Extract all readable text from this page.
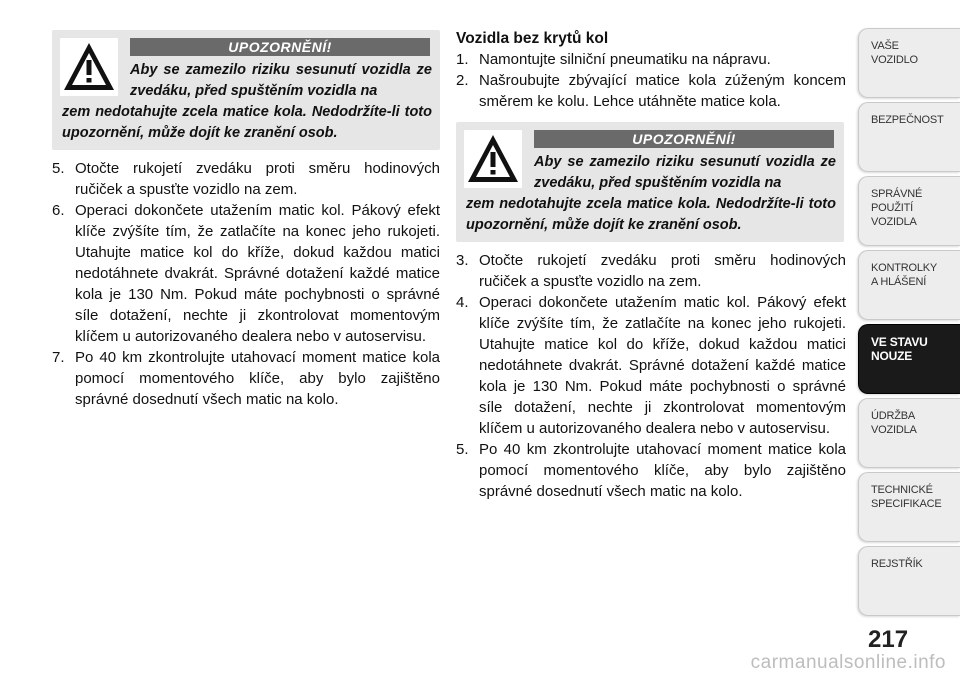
UPOZORNĚNÍ!
Aby se zamezilo riziku sesunutí vozidla ze zvedáku, před spuštěním vozidla na
zem nedotahujte zcela matice kola. Nedodržíte-li toto upozornění, může dojít ke zranění osob.
5. Otočte rukojetí zvedáku proti směru hodinových ručiček a spusťte vozidlo na zem.
6. Operaci dokončete utažením matic kol. Pákový efekt klíče zvýšíte tím, že zatlačíte na konec jeho rukojeti. Utahujte matice kol do kříže, dokud každou matici nedotáhnete dvakrát. Správné dotažení každé matice kola je 130 Nm. Pokud máte pochybnosti o správné síle dotažení, nechte ji zkontrolovat momentovým klíčem u autorizovaného dealera nebo v autoservisu.
7. Po 40 km zkontrolujte utahovací moment matice kola pomocí momentového klíče, aby bylo zajištěno správné dosednutí všech matic na kolo.
Vozidla bez krytů kol
1. Namontujte silniční pneumatiku na nápravu.
2. Našroubujte zbývající matice kola zúženým koncem směrem ke kolu. Lehce utáhněte matice kola.
UPOZORNĚNÍ!
Aby se zamezilo riziku sesunutí vozidla ze zvedáku, před spuštěním vozidla na
zem nedotahujte zcela matice kola. Nedodržíte-li toto upozornění, může dojít ke zranění osob.
3. Otočte rukojetí zvedáku proti směru hodinových ručiček a spusťte vozidlo na zem.
4. Operaci dokončete utažením matic kol. Pákový efekt klíče zvýšíte tím, že zatlačíte na konec jeho rukojeti. Utahujte matice kol do kříže, dokud každou matici nedotáhnete dvakrát. Správné dotažení každé matice kola je 130 Nm. Pokud máte pochybnosti o správné síle dotažení, nechte ji zkontrolovat momentovým klíčem u autorizovaného dealera nebo v autoservisu.
5. Po 40 km zkontrolujte utahovací moment matice kola pomocí momentového klíče, aby bylo zajištěno správné dosednutí všech matic na kolo.
VAŠE
VOZIDLO
BEZPEČNOST
SPRÁVNÉ
POUŽITÍ
VOZIDLA
KONTROLKY
A HLÁŠENÍ
VE STAVU
NOUZE
ÚDRŽBA
VOZIDLA
TECHNICKÉ
SPECIFIKACE
REJSTŘÍK
217
carmanualsonline.info
